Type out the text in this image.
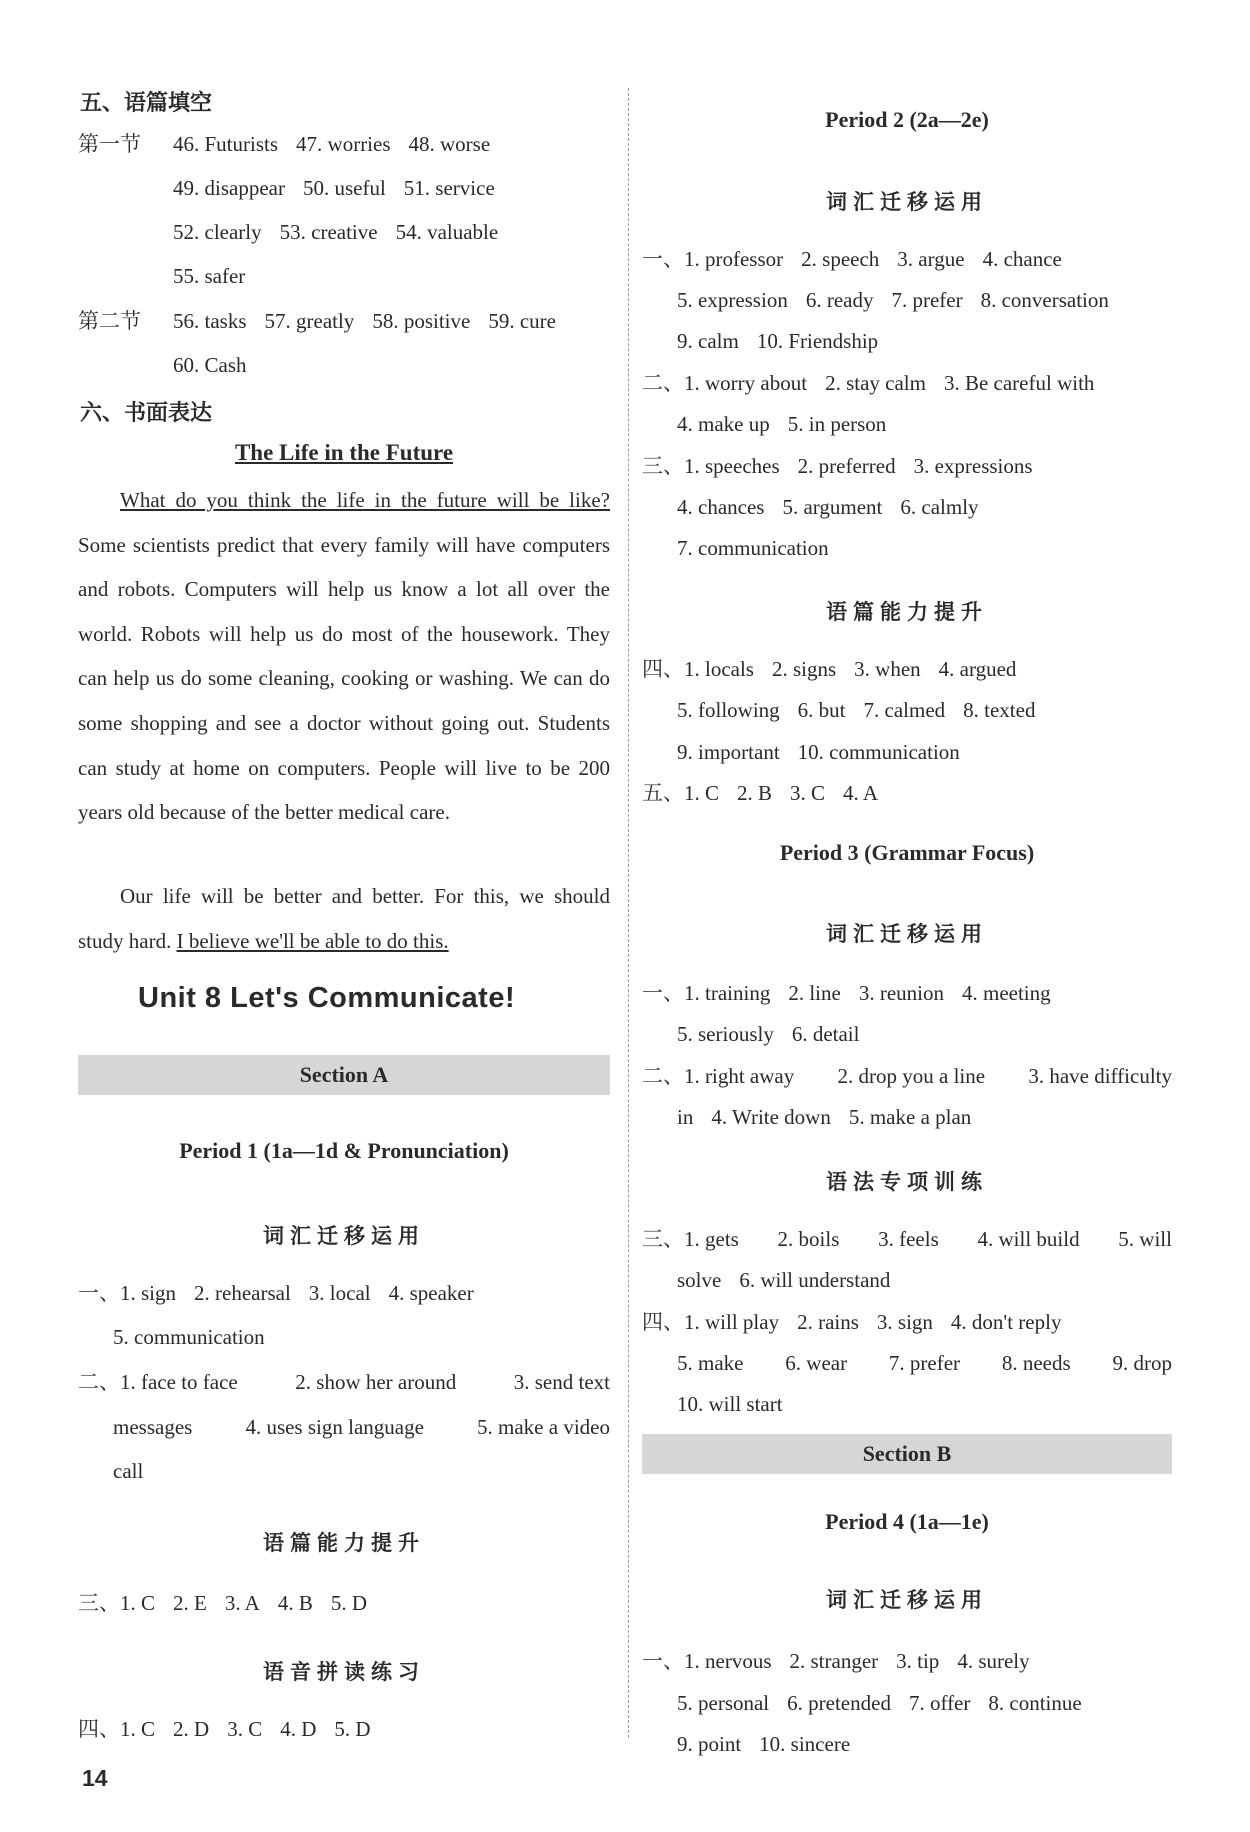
五、语篇填空
第一节 46. Futurists 47. worries 48. worse
49. disappear 50. useful 51. service
52. clearly 53. creative 54. valuable
55. safer
第二节 56. tasks 57. greatly 58. positive 59. cure
60. Cash
六、书面表达
The Life in the Future

What do you think the life in the future will be like? Some scientists predict that every family will have computers and robots. Computers will help us know a lot all over the world. Robots will help us do most of the housework. They can help us do some cleaning, cooking or washing. We can do some shopping and see a doctor without going out. Students can study at home on computers. People will live to be 200 years old because of the better medical care.

Our life will be better and better. For this, we should study hard. I believe we'll be able to do this.

Unit 8 Let's Communicate!
Section A
Period 1 (1a—1d & Pronunciation)
词汇迁移运用
一、1. sign 2. rehearsal 3. local 4. speaker
5. communication
二、1. face to face	2. show her around	3. send text
messages	4. uses sign language	5. make a video
call
语篇能力提升
三、1. C 2. E 3. A 4. B 5. D
语音拼读练习
四、1. C 2. D 3. C 4. D 5. D
Period 2 (2a—2e)
词汇迁移运用
一、1. professor 2. speech 3. argue 4. chance
5. expression 6. ready 7. prefer 8. conversation
9. calm 10. Friendship
二、1. worry about 2. stay calm 3. Be careful with
4. make up 5. in person
三、1. speeches 2. preferred 3. expressions
4. chances 5. argument 6. calmly
7. communication
语篇能力提升
四、1. locals 2. signs 3. when 4. argued
5. following 6. but 7. calmed 8. texted
9. important 10. communication
五、1. C 2. B 3. C 4. A
Period 3 (Grammar Focus)
词汇迁移运用
一、1. training 2. line 3. reunion 4. meeting
5. seriously 6. detail
二、1. right away 2. drop you a line 3. have difficulty
in 4. Write down 5. make a plan
语法专项训练
三、1. gets 2. boils 3. feels 4. will build 5. will
solve 6. will understand
四、1. will play 2. rains 3. sign 4. don't reply
5. make 6. wear 7. prefer 8. needs 9. drop
10. will start
Section B
Period 4 (1a—1e)
词汇迁移运用
一、1. nervous 2. stranger 3. tip 4. surely
5. personal 6. pretended 7. offer 8. continue
9. point 10. sincere
14
